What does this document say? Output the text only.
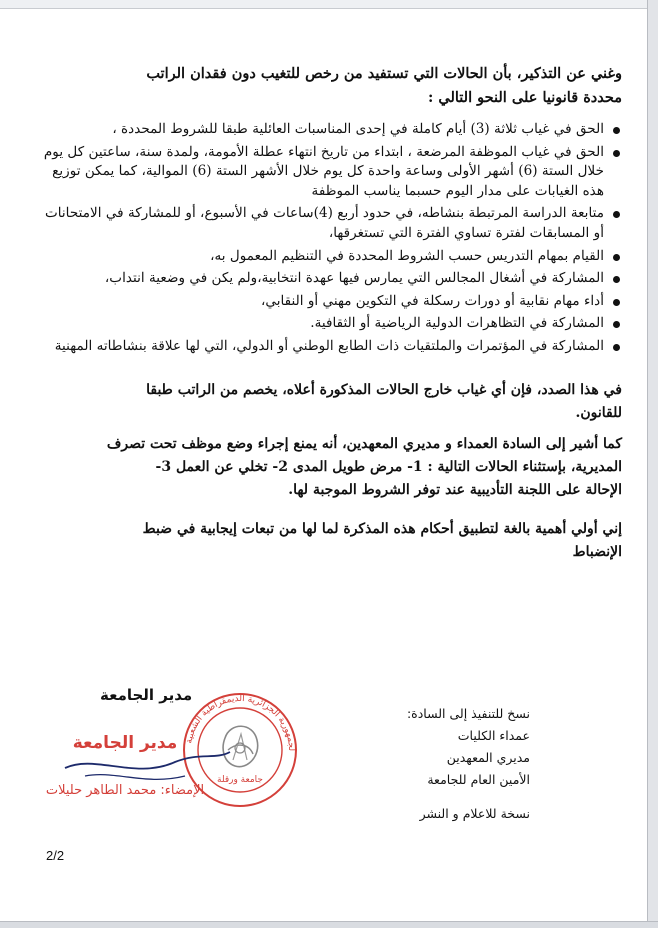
وغني عن التذكير، بأن الحالات التي تستفيد من رخص للتغيب دون فقدان الراتب
محددة قانونيا على النحو التالي :

الحق في غياب ثلاثة (3) أيام كاملة في إحدى المناسبات العائلية طبقا للشروط المحددة ،
الحق في غياب الموظفة المرضعة ، ابتداء من تاريخ انتهاء عطلة الأمومة، ولمدة سنة، ساعتين كل يوم خلال الستة (6) أشهر الأولى وساعة واحدة كل يوم خلال الأشهر الستة (6) الموالية، كما يمكن توزيع هذه الغيابات على مدار اليوم حسبما يناسب الموظفة
متابعة الدراسة المرتبطة بنشاطه، في حدود أربع (4)ساعات في الأسبوع، أو للمشاركة في الامتحانات أو المسابقات لفترة تساوي الفترة التي تستغرقها،
القيام بمهام التدريس حسب الشروط المحددة في التنظيم المعمول به،
المشاركة في أشغال المجالس التي يمارس فيها عهدة انتخابية،ولم يكن في وضعية انتداب،
أداء مهام نقابية أو دورات رسكلة في التكوين مهني أو النقابي،
المشاركة في التظاهرات الدولية الرياضية أو الثقافية.
المشاركة في المؤتمرات والملتقيات ذات الطابع الوطني أو الدولي، التي لها علاقة بنشاطاته المهنية

في هذا الصدد، فإن أي غياب خارج الحالات المذكورة أعلاه، يخصم من الراتب طبقا
للقانون.

كما أشير إلى السادة العمداء و مديري المعهدين، أنه يمنع إجراء وضع موظف تحت تصرف
المديرية، بإستثناء الحالات التالية : 1- مرض طويل المدى 2- تخلي عن العمل 3-
الإحالة على اللجنة التأديبية عند توفر الشروط الموجبة لها.

إني أولي أهمية بالغة لتطبيق أحكام هذه المذكرة لما لها من تبعات إيجابية في ضبط
الإنضباط

مدير الجامعة
لجمهورية الجزائرية الديمقراطية الشعبية
جامعة ورقلة
مدير الجامعة
الإمضاء: محمد الطاهر حليلات
نسخ للتنفيذ إلى السادة:
عمداء الكليات
مديري المعهدين
الأمين العام للجامعة
نسخة للاعلام و النشر
2/2
